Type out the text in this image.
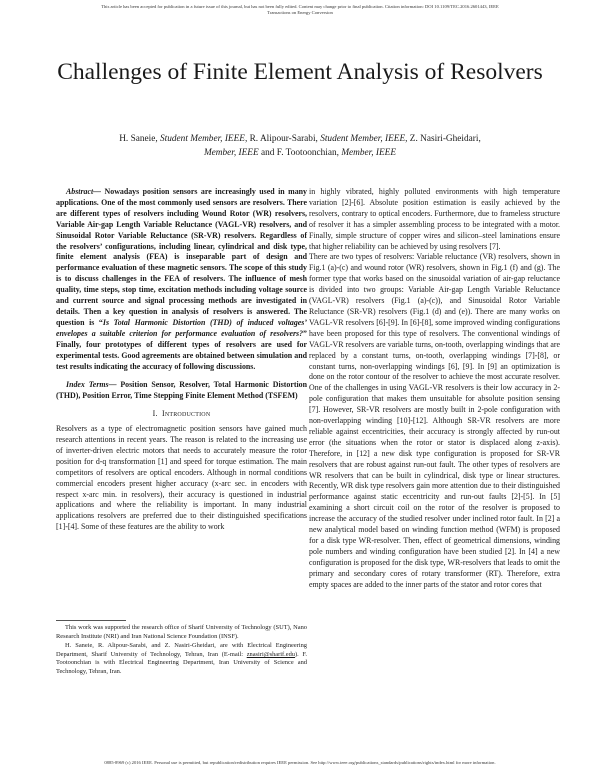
This article has been accepted for publication in a future issue of this journal, but has not been fully edited. Content may change prior to final publication. Citation information: DOI 10.1109/TEC.2016.2601443, IEEE
Transactions on Energy Conversion
Challenges of Finite Element Analysis of Resolvers
H. Saneie, Student Member, IEEE, R. Alipour-Sarabi, Student Member, IEEE, Z. Nasiri-Gheidari,
Member, IEEE and F. Tootoonchian, Member, IEEE

Abstract— Nowadays position sensors are increasingly used in many applications. One of the most commonly used sensors are resolvers. There are different types of resolvers including Wound Rotor (WR) resolvers, Variable Air-gap Length Variable Reluctance (VAGL-VR) resolvers, and Sinusoidal Rotor Variable Reluctance (SR-VR) resolvers. Regardless of the resolvers’ configurations, including linear, cylindrical and disk type, finite element analysis (FEA) is inseparable part of design and performance evaluation of these magnetic sensors. The scope of this study is to discuss challenges in the FEA of resolvers. The influence of mesh quality, time steps, stop time, excitation methods including voltage source and current source and signal processing methods are investigated in details. Then a key question in analysis of resolvers is answered. The question is “Is Total Harmonic Distortion (THD) of induced voltages’ envelopes a suitable criterion for performance evaluation of resolvers?” Finally, four prototypes of different types of resolvers are used for experimental tests. Good agreements are obtained between simulation and test results indicating the accuracy of following discussions.

Index Terms— Position Sensor, Resolver, Total Harmonic Distortion (THD), Position Error, Time Stepping Finite Element Method (TSFEM)

I. Introduction

Resolvers as a type of electromagnetic position sensors have gained much research attentions in recent years. The reason is related to the increasing use of inverter-driven electric motors that needs to accurately measure the rotor position for d-q transformation [1] and speed for torque estimation. The main competitors of resolvers are optical encoders. Although in normal conditions commercial encoders present higher accuracy (x-arc sec. in encoders with respect x-arc min. in resolvers), their accuracy is questioned in industrial applications and where the reliability is important. In many industrial applications resolvers are preferred due to their distinguished specifications [1]-[4]. Some of these features are the ability to work

in highly vibrated, highly polluted environments with high temperature variation [2]-[6]. Absolute position estimation is easily achieved by the resolvers, contrary to optical encoders. Furthermore, due to frameless structure of resolver it has a simpler assembling process to be integrated with a motor. Finally, simple structure of copper wires and silicon–steel laminations ensure that higher reliability can be achieved by using resolvers [7].

There are two types of resolvers: Variable reluctance (VR) resolvers, shown in Fig.1 (a)-(c) and wound rotor (WR) resolvers, shown in Fig.1 (f) and (g). The former type that works based on the sinusoidal variation of air-gap reluctance is divided into two groups: Variable Air-gap Length Variable Reluctance (VAGL-VR) resolvers (Fig.1 (a)-(c)), and Sinusoidal Rotor Variable Reluctance (SR-VR) resolvers (Fig.1 (d) and (e)). There are many works on VAGL-VR resolvers [6]-[9]. In [6]-[8], some improved winding configurations have been proposed for this type of resolvers. The conventional windings of VAGL-VR resolvers are variable turns, on-tooth, overlapping windings that are replaced by a constant turns, on-tooth, overlapping windings [7]-[8], or constant turns, non-overlapping windings [6], [9]. In [9] an optimization is done on the rotor contour of the resolver to achieve the most accurate resolver. One of the challenges in using VAGL-VR resolvers is their low accuracy in 2-pole configuration that makes them unsuitable for absolute position sensing [7]. However, SR-VR resolvers are mostly built in 2-pole configuration with non-overlapping winding [10]-[12]. Although SR-VR resolvers are more reliable against eccentricities, their accuracy is strongly affected by run-out error (the situations when the rotor or stator is displaced along z-axis). Therefore, in [12] a new disk type configuration is proposed for SR-VR resolvers that are robust against run-out fault. The other types of resolvers are WR resolvers that can be built in cylindrical, disk type or linear structures. Recently, WR disk type resolvers gain more attention due to their distinguished performance against static eccentricity and run-out faults [2]-[5]. In [5] examining a short circuit coil on the rotor of the resolver is proposed to increase the accuracy of the studied resolver under inclined rotor fault. In [2] a new analytical model based on winding function method (WFM) is proposed for a disk type WR-resolver. Then, effect of geometrical dimensions, winding pole numbers and winding configuration have been studied [2]. In [4] a new configuration is proposed for the disk type, WR-resolvers that leads to omit the primary and secondary cores of rotary transformer (RT). Therefore, extra empty spaces are added to the inner parts of the stator and rotor cores that

This work was supported the research office of Sharif University of Technology (SUT), Nano Research Institute (NRI) and Iran National Science Foundation (INSF).

H. Saneie, R. Alipour-Sarabi, and Z. Nasiri-Gheidari, are with Electrical Engineering Department, Sharif University of Technology, Tehran, Iran (E-mail: znasiri@sharif.edu). F. Tootoonchian is with Electrical Engineering Department, Iran University of Science and Technology, Tehran, Iran.

0885-8969 (c) 2016 IEEE. Personal use is permitted, but republication/redistribution requires IEEE permission. See http://www.ieee.org/publications_standards/publications/rights/index.html for more information.
